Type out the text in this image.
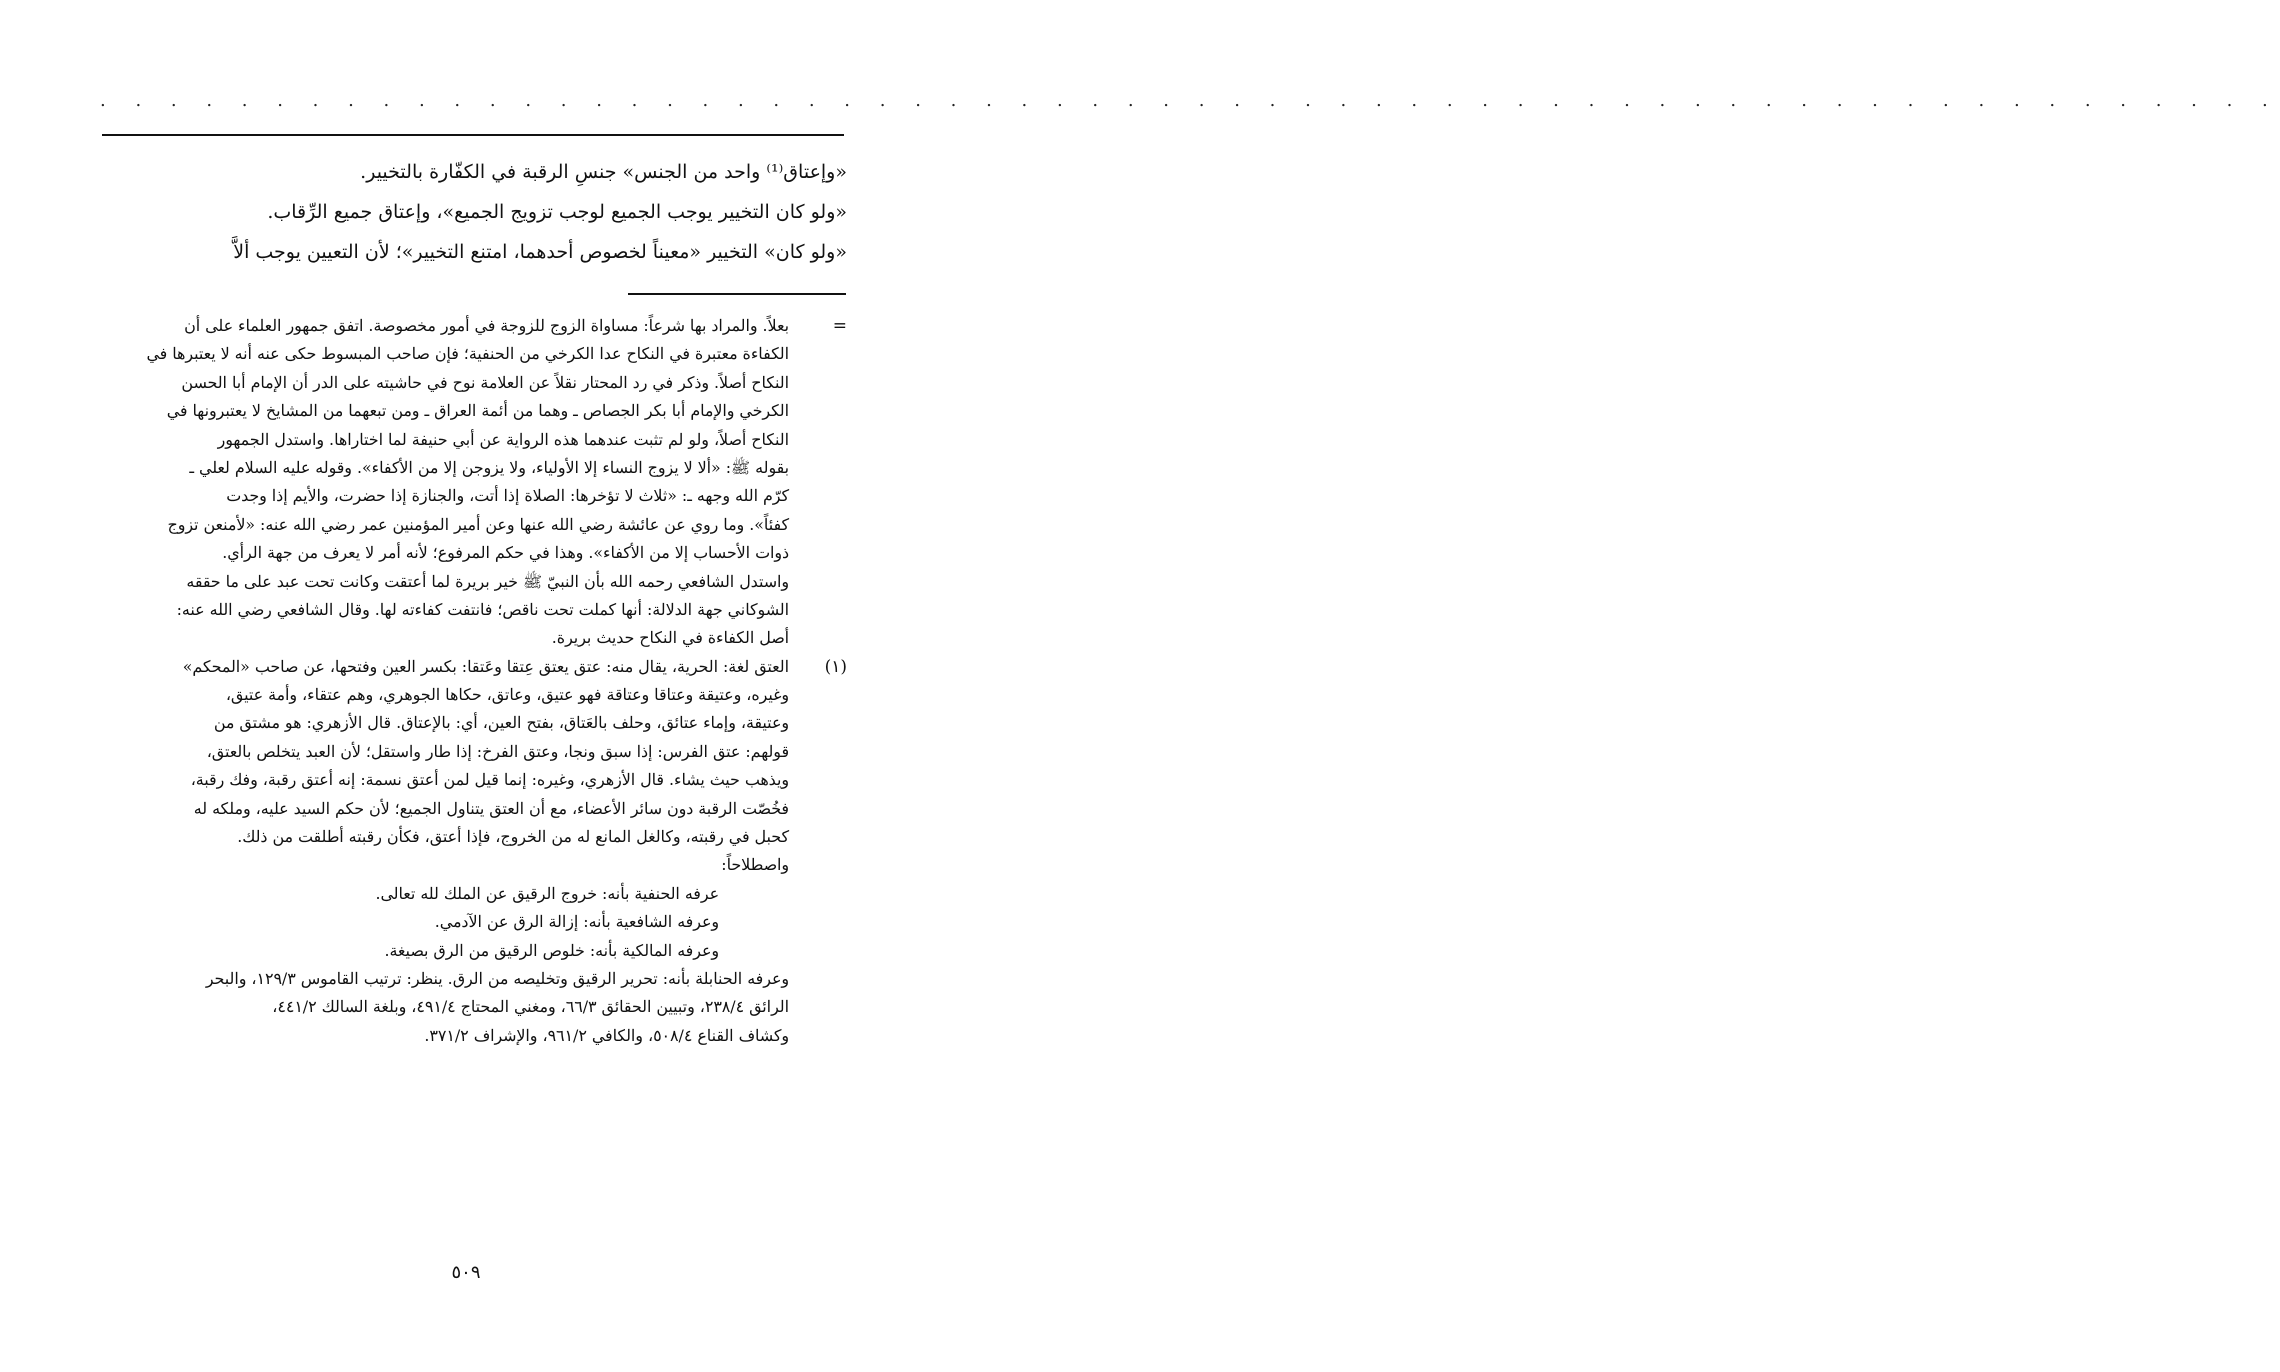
. . . . . . . . . . . . . . . . . . . . . . . . . . . . . . . . . . . . . . . . . . . . . . . . . . . . . . . . . . . . . .
«وإعتاق⁽¹⁾ واحد من الجنس» جنسِ الرقبة في الكفّارة بالتخيير.
«ولو كان التخيير يوجب الجميع لوجب تزويج الجميع»، وإعتاق جميع الرِّقاب.
«ولو كان» التخيير «معيناً لخصوص أحدهما، امتنع التخيير»؛ لأن التعيين يوجب ألاَّ
=
بعلاً. والمراد بها شرعاً: مساواة الزوج للزوجة في أمور مخصوصة. اتفق جمهور العلماء على أن
الكفاءة معتبرة في النكاح عدا الكرخي من الحنفية؛ فإن صاحب المبسوط حكى عنه أنه لا يعتبرها في
النكاح أصلاً. وذكر في رد المحتار نقلاً عن العلامة نوح في حاشيته على الدر أن الإمام أبا الحسن
الكرخي والإمام أبا بكر الجصاص ـ وهما من أئمة العراق ـ ومن تبعهما من المشايخ لا يعتبرونها في
النكاح أصلاً، ولو لم تثبت عندهما هذه الرواية عن أبي حنيفة لما اختاراها. واستدل الجمهور
بقوله ﷺ: «ألا لا يزوج النساء إلا الأولياء، ولا يزوجن إلا من الأكفاء». وقوله عليه السلام لعلي ـ
كرّم الله وجهه ـ: «ثلاث لا تؤخرها: الصلاة إذا أتت، والجنازة إذا حضرت، والأيم إذا وجدت
كفئاً». وما روي عن عائشة رضي الله عنها وعن أمير المؤمنين عمر رضي الله عنه: «لأمنعن تزوج
ذوات الأحساب إلا من الأكفاء». وهذا في حكم المرفوع؛ لأنه أمر لا يعرف من جهة الرأي.
واستدل الشافعي رحمه الله بأن النبيّ ﷺ خير بريرة لما أعتقت وكانت تحت عبد على ما حققه
الشوكاني جهة الدلالة: أنها كملت تحت ناقص؛ فانتفت كفاءته لها. وقال الشافعي رضي الله عنه:
أصل الكفاءة في النكاح حديث بريرة.
(١)
العتق لغة: الحرية، يقال منه: عتق يعتق عِتقا وعَتقا: بكسر العين وفتحها، عن صاحب «المحكم»
وغيره، وعتيقة وعتاقا وعتاقة فهو عتيق، وعاتق، حكاها الجوهري، وهم عتقاء، وأمة عتيق،
وعتيقة، وإماء عتائق، وحلف بالعَتاق، بفتح العين، أي: بالإعتاق. قال الأزهري: هو مشتق من
قولهم: عتق الفرس: إذا سبق ونجا، وعتق الفرخ: إذا طار واستقل؛ لأن العبد يتخلص بالعتق،
ويذهب حيث يشاء. قال الأزهري، وغيره: إنما قيل لمن أعتق نسمة: إنه أعتق رقبة، وفك رقبة،
فخُصّت الرقبة دون سائر الأعضاء، مع أن العتق يتناول الجميع؛ لأن حكم السيد عليه، وملكه له
كحبل في رقبته، وكالغل المانع له من الخروج، فإذا أعتق، فكأن رقبته أطلقت من ذلك.
واصطلاحاً:
عرفه الحنفية بأنه: خروج الرقيق عن الملك لله تعالى.
وعرفه الشافعية بأنه: إزالة الرق عن الآدمي.
وعرفه المالكية بأنه: خلوص الرقيق من الرق بصيغة.
وعرفه الحنابلة بأنه: تحرير الرقيق وتخليصه من الرق. ينظر: ترتيب القاموس ١٢٩/٣، والبحر
الرائق ٢٣٨/٤، وتبيين الحقائق ٦٦/٣، ومغني المحتاج ٤٩١/٤، وبلغة السالك ٤٤١/٢،
وكشاف القناع ٥٠٨/٤، والكافي ٩٦١/٢، والإشراف ٣٧١/٢.
٥٠٩
